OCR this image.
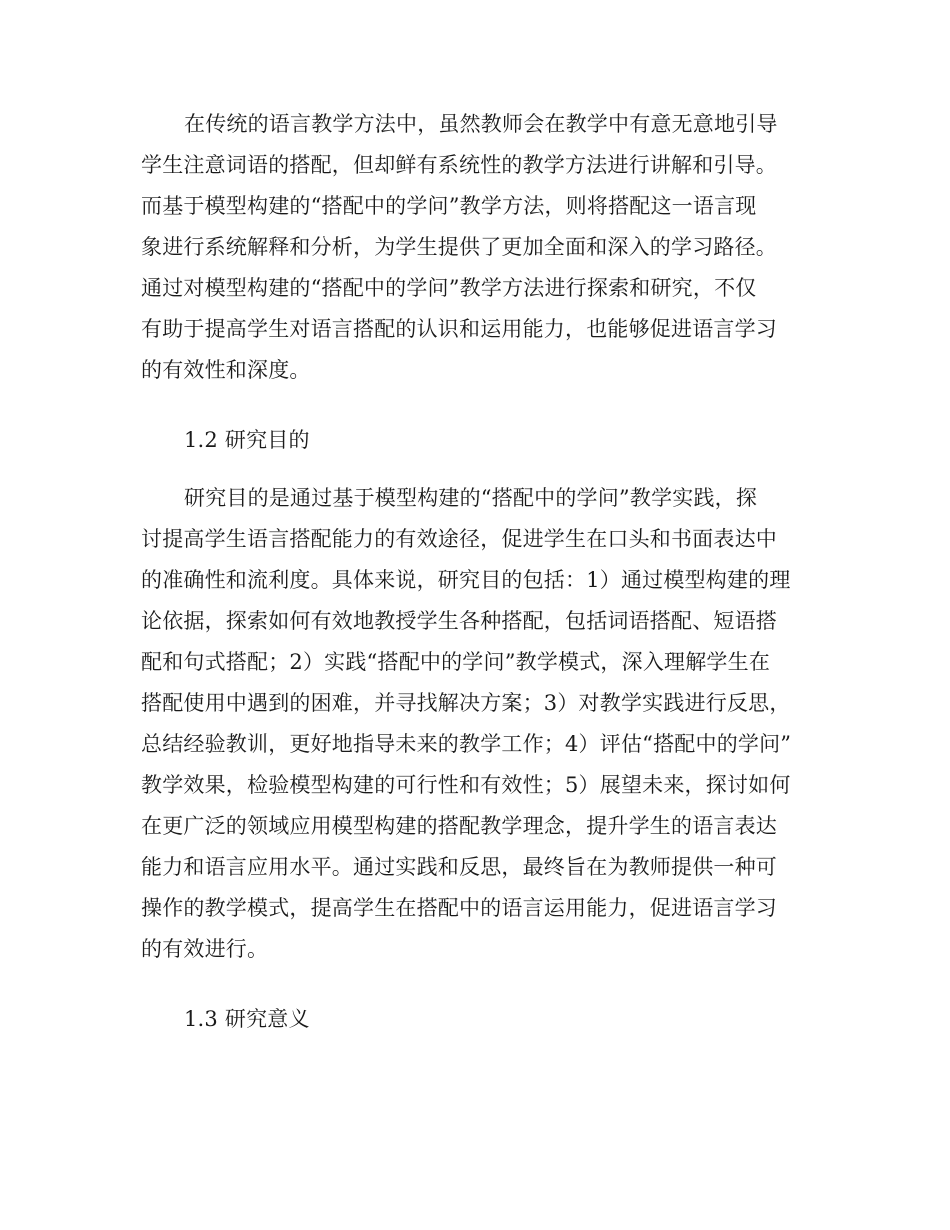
在传统的语言教学方法中，虽然教师会在教学中有意无意地引导
学生注意词语的搭配，但却鲜有系统性的教学方法进行讲解和引导。
而基于模型构建的“搭配中的学问”教学方法，则将搭配这一语言现
象进行系统解释和分析，为学生提供了更加全面和深入的学习路径。
通过对模型构建的“搭配中的学问”教学方法进行探索和研究，不仅
有助于提高学生对语言搭配的认识和运用能力，也能够促进语言学习
的有效性和深度。
1.2 研究目的
研究目的是通过基于模型构建的“搭配中的学问”教学实践，探
讨提高学生语言搭配能力的有效途径，促进学生在口头和书面表达中
的准确性和流利度。具体来说，研究目的包括：1）通过模型构建的理
论依据，探索如何有效地教授学生各种搭配，包括词语搭配、短语搭
配和句式搭配；2）实践“搭配中的学问”教学模式，深入理解学生在
搭配使用中遇到的困难，并寻找解决方案；3）对教学实践进行反思，
总结经验教训，更好地指导未来的教学工作；4）评估“搭配中的学问”
教学效果，检验模型构建的可行性和有效性；5）展望未来，探讨如何
在更广泛的领域应用模型构建的搭配教学理念，提升学生的语言表达
能力和语言应用水平。通过实践和反思，最终旨在为教师提供一种可
操作的教学模式，提高学生在搭配中的语言运用能力，促进语言学习
的有效进行。
1.3 研究意义
